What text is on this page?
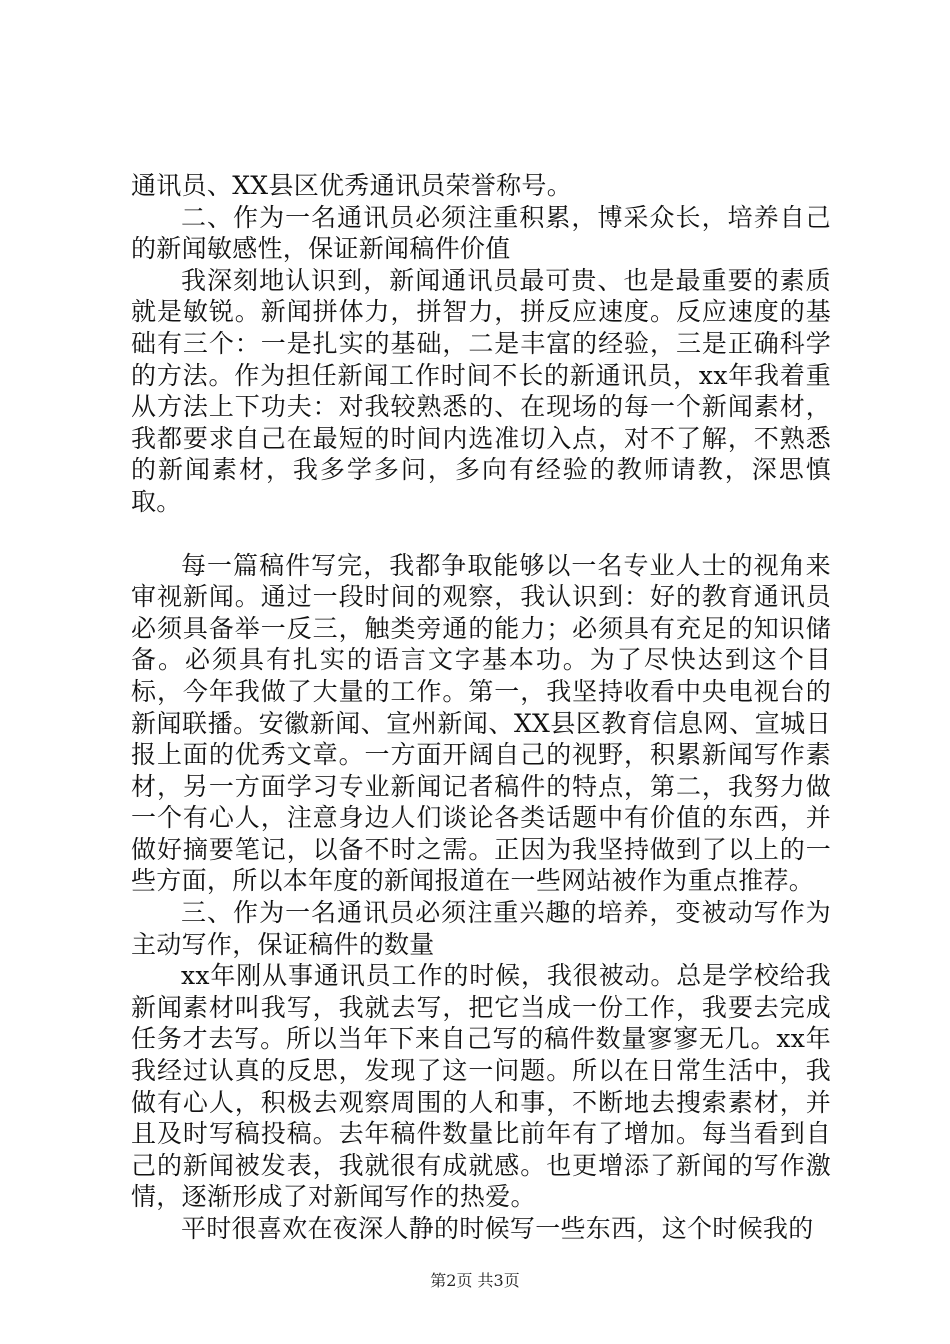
通讯员、XX县区优秀通讯员荣誉称号。

二、作为一名通讯员必须注重积累，博采众长，培养自己的新闻敏感性，保证新闻稿件价值

我深刻地认识到，新闻通讯员最可贵、也是最重要的素质就是敏锐。新闻拼体力，拼智力，拼反应速度。反应速度的基础有三个：一是扎实的基础，二是丰富的经验，三是正确科学的方法。作为担任新闻工作时间不长的新通讯员，xx年我着重从方法上下功夫：对我较熟悉的、在现场的每一个新闻素材，我都要求自己在最短的时间内选准切入点，对不了解，不熟悉的新闻素材，我多学多问，多向有经验的教师请教，深思慎取。

每一篇稿件写完，我都争取能够以一名专业人士的视角来审视新闻。通过一段时间的观察，我认识到：好的教育通讯员必须具备举一反三，触类旁通的能力；必须具有充足的知识储备。必须具有扎实的语言文字基本功。为了尽快达到这个目标，今年我做了大量的工作。第一，我坚持收看中央电视台的新闻联播。安徽新闻、宣州新闻、XX县区教育信息网、宣城日报上面的优秀文章。一方面开阔自己的视野，积累新闻写作素材，另一方面学习专业新闻记者稿件的特点，第二，我努力做一个有心人，注意身边人们谈论各类话题中有价值的东西，并做好摘要笔记，以备不时之需。正因为我坚持做到了以上的一些方面，所以本年度的新闻报道在一些网站被作为重点推荐。

三、作为一名通讯员必须注重兴趣的培养，变被动写作为主动写作，保证稿件的数量

xx年刚从事通讯员工作的时候，我很被动。总是学校给我新闻素材叫我写，我就去写，把它当成一份工作，我要去完成任务才去写。所以当年下来自己写的稿件数量寥寥无几。xx年我经过认真的反思，发现了这一问题。所以在日常生活中，我做有心人，积极去观察周围的人和事，不断地去搜索素材，并且及时写稿投稿。去年稿件数量比前年有了增加。每当看到自己的新闻被发表，我就很有成就感。也更增添了新闻的写作激情，逐渐形成了对新闻写作的热爱。

平时很喜欢在夜深人静的时候写一些东西，这个时候我的

第2页 共3页
